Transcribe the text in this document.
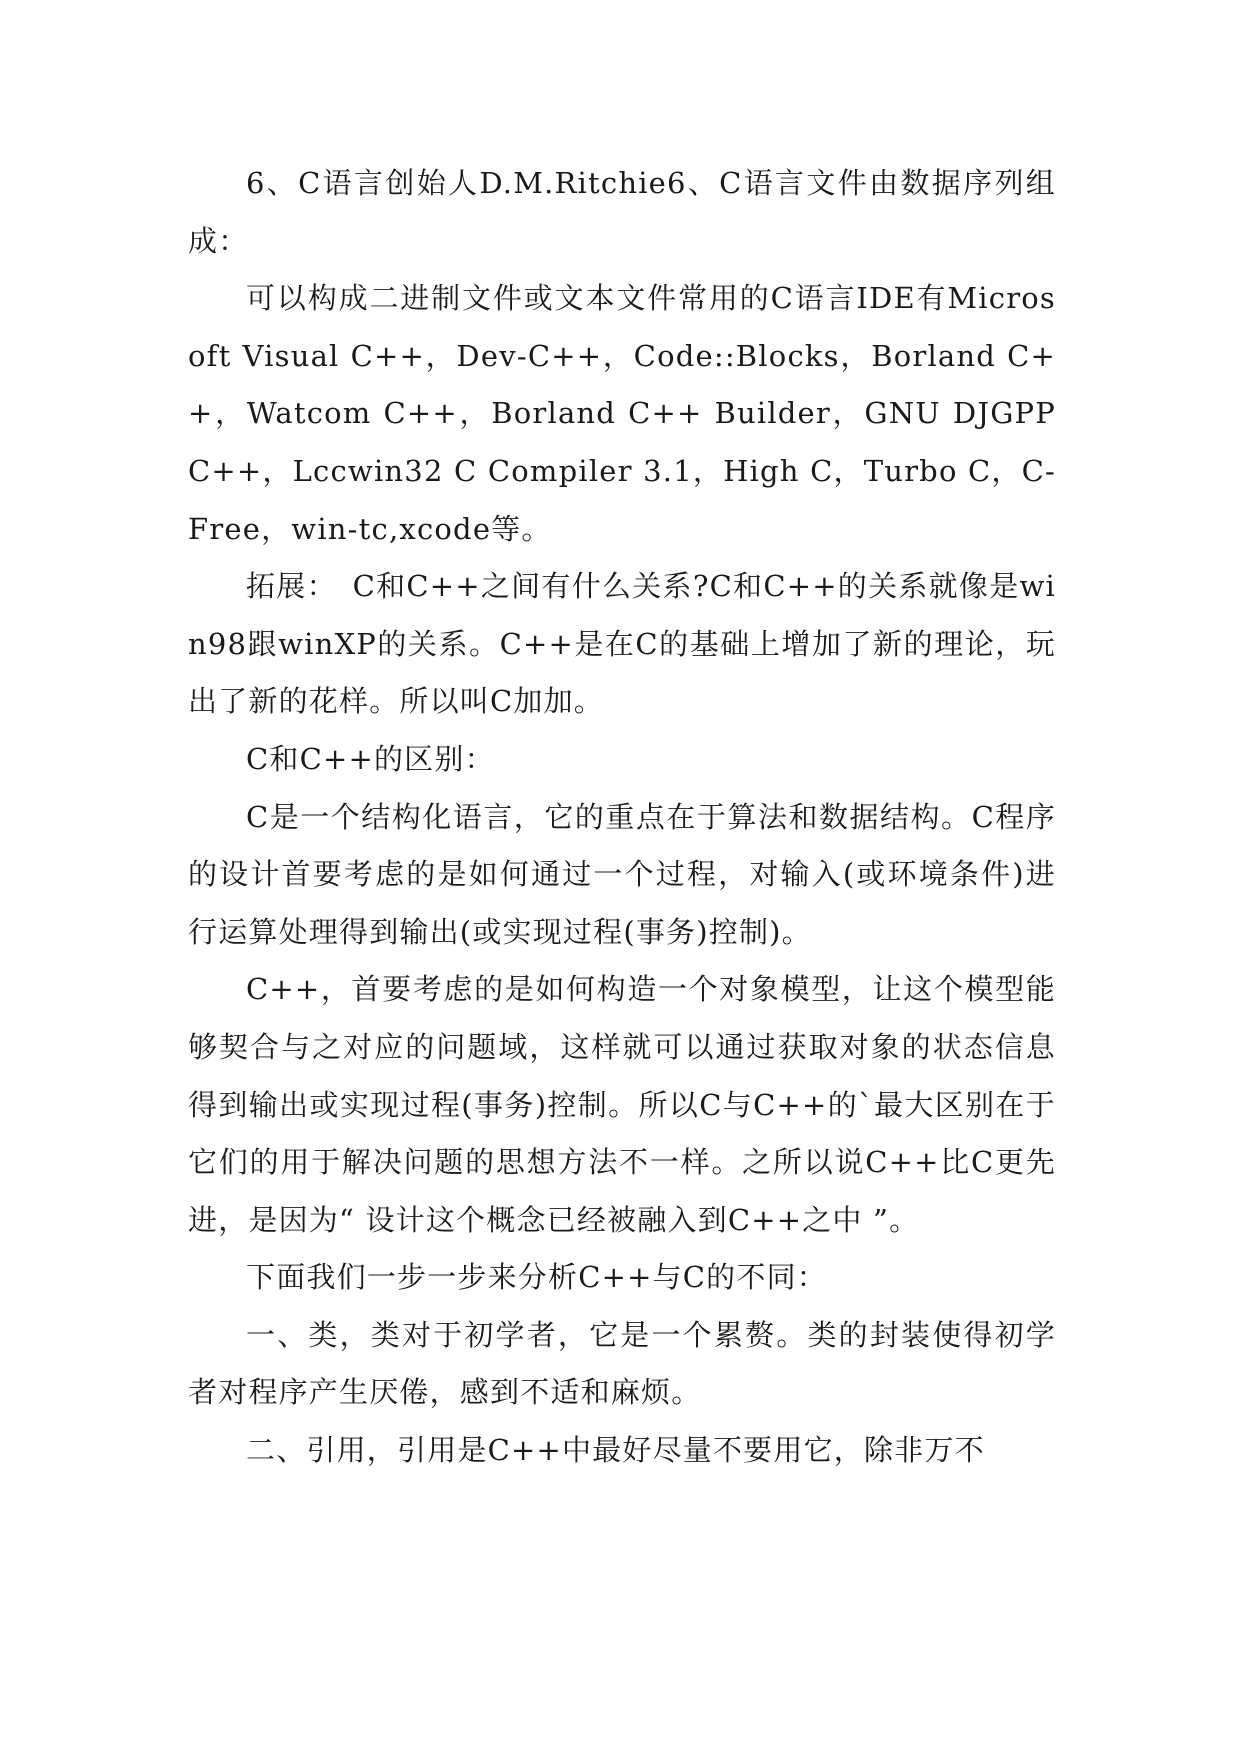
6、C语言创始人D.M.Ritchie6、C语言文件由数据序列组成：

可以构成二进制文件或文本文件常用的C语言IDE有Microsoft Visual C++，Dev-C++，Code::Blocks，Borland C++，Watcom C++，Borland C++ Builder，GNU DJGPP C++，Lccwin32 C Compiler 3.1，High C，Turbo C，C-Free，win-tc,xcode等。

拓展：　C和C++之间有什么关系?C和C++的关系就像是win98跟winXP的关系。C++是在C的基础上增加了新的理论，玩出了新的花样。所以叫C加加。

C和C++的区别：

C是一个结构化语言，它的重点在于算法和数据结构。C程序的设计首要考虑的是如何通过一个过程，对输入(或环境条件)进行运算处理得到输出(或实现过程(事务)控制)。

C++，首要考虑的是如何构造一个对象模型，让这个模型能够契合与之对应的问题域，这样就可以通过获取对象的状态信息得到输出或实现过程(事务)控制。所以C与C++的`最大区别在于它们的用于解决问题的思想方法不一样。之所以说C++比C更先进，是因为“ 设计这个概念已经被融入到C++之中 ”。

下面我们一步一步来分析C++与C的不同：

一、类，类对于初学者，它是一个累赘。类的封装使得初学者对程序产生厌倦，感到不适和麻烦。

二、引用，引用是C++中最好尽量不要用它，除非万不
